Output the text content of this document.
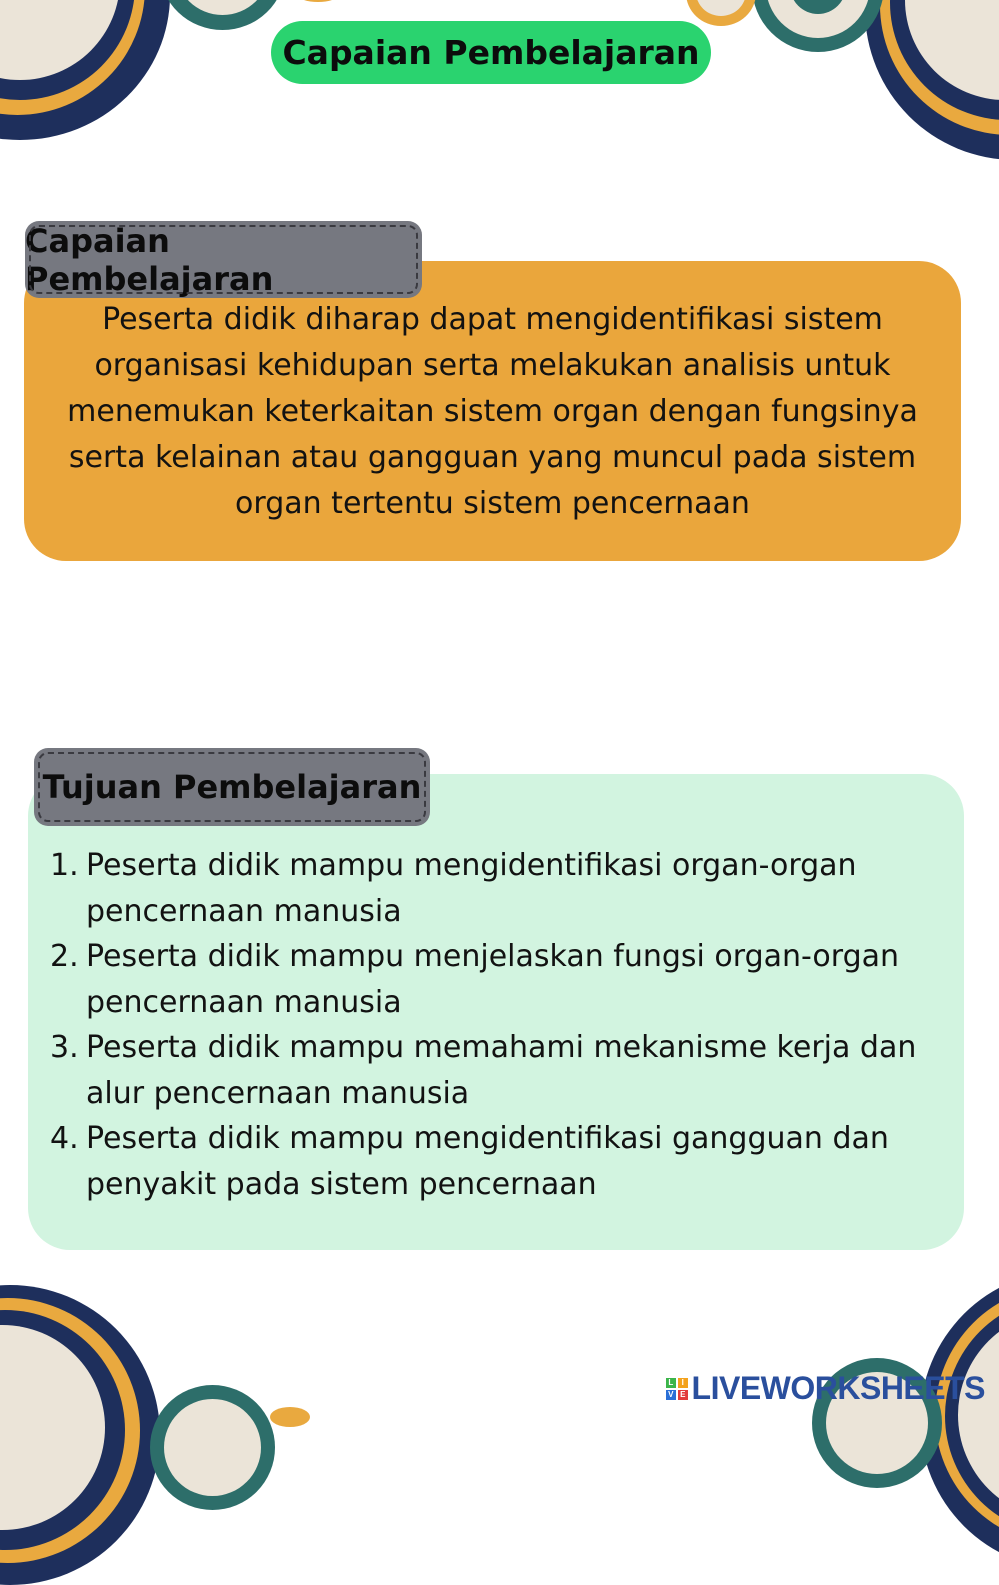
Capaian Pembelajaran
Peserta didik diharap dapat mengidentifikasi sistem organisasi kehidupan serta melakukan analisis untuk menemukan keterkaitan sistem organ dengan fungsinya serta kelainan atau gangguan yang muncul pada sistem organ tertentu sistem pencernaan
Capaian Pembelajaran
Tujuan Pembelajaran
1. Peserta didik mampu mengidentifikasi organ-organ pencernaan manusia
2. Peserta didik mampu menjelaskan fungsi organ-organ pencernaan manusia
3. Peserta didik mampu memahami mekanisme kerja dan alur pencernaan manusia
4. Peserta didik mampu mengidentifikasi gangguan dan penyakit pada sistem pencernaan
L	I
V E LIVEWORKSHEETS
